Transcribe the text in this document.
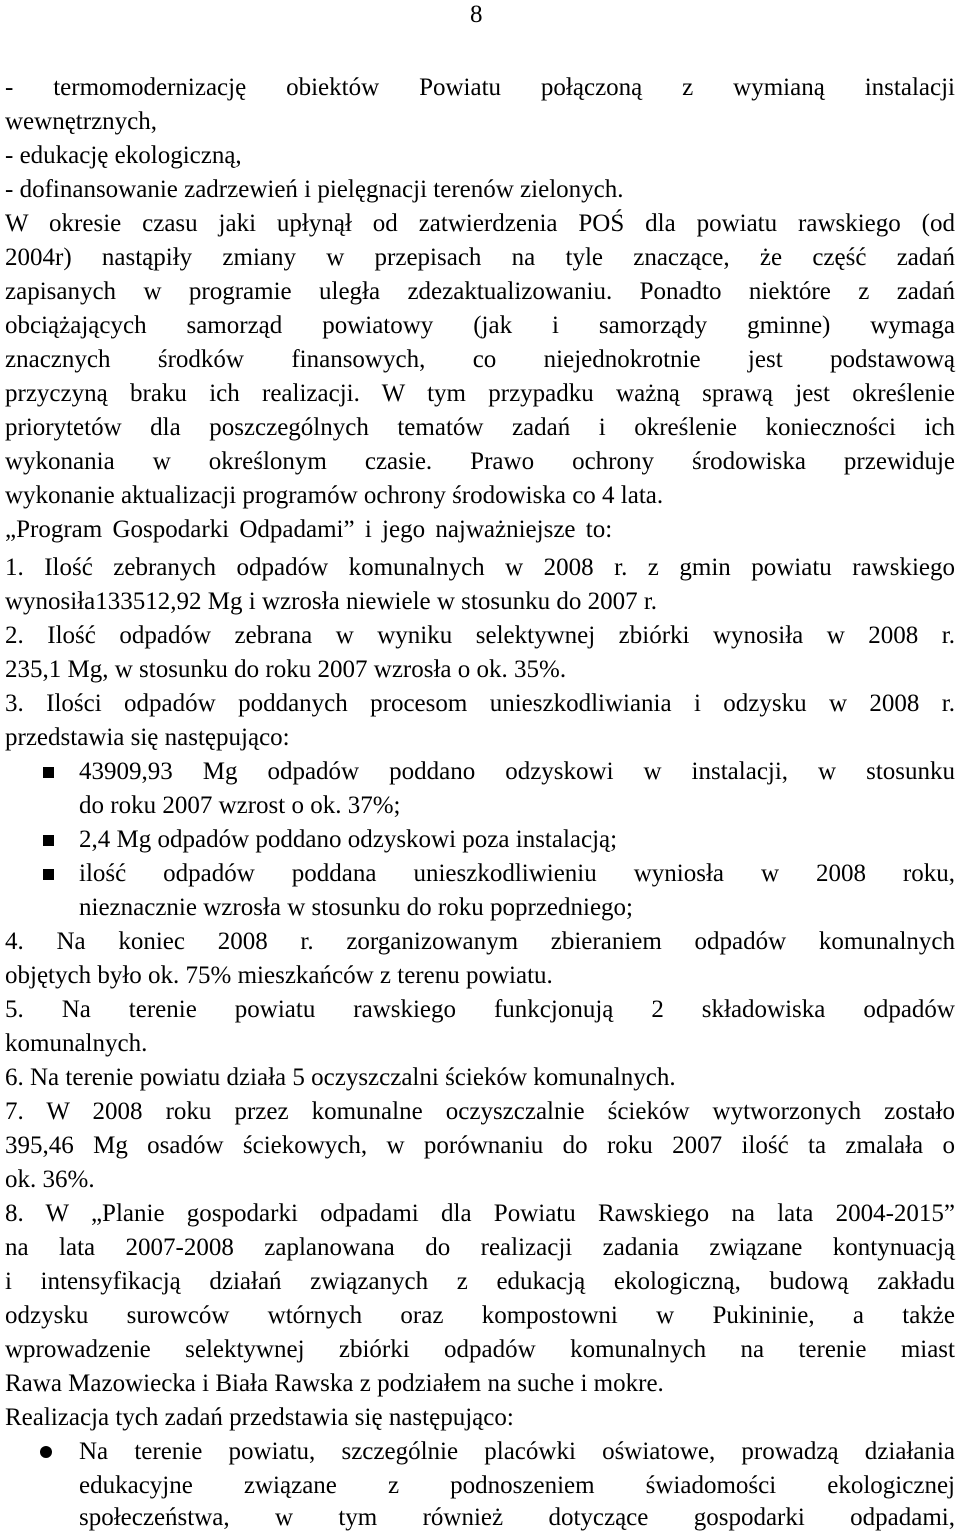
8
- termomodernizację obiektów Powiatu połączoną z wymianą instalacji
wewnętrznych,
- edukację ekologiczną,
- dofinansowanie zadrzewień i pielęgnacji terenów zielonych.
W okresie czasu jaki upłynął od zatwierdzenia POŚ dla powiatu rawskiego (od
2004r) nastąpiły zmiany w przepisach na tyle znaczące, że część zadań
zapisanych w programie uległa zdezaktualizowaniu. Ponadto niektóre z zadań
obciążających samorząd powiatowy (jak i samorządy gminne) wymaga
znacznych środków finansowych, co niejednokrotnie jest podstawową
przyczyną braku ich realizacji. W tym przypadku ważną sprawą jest określenie
priorytetów dla poszczególnych tematów zadań i określenie konieczności ich
wykonania w określonym czasie. Prawo ochrony środowiska przewiduje
wykonanie aktualizacji programów ochrony środowiska co 4 lata.
„Program Gospodarki Odpadami” i jego najważniejsze to:
1. Ilość zebranych odpadów komunalnych w 2008 r. z gmin powiatu rawskiego
wynosiła133512,92 Mg i wzrosła niewiele w stosunku do 2007 r.
2. Ilość odpadów zebrana w wyniku selektywnej zbiórki wynosiła w 2008 r.
235,1 Mg, w stosunku do roku 2007 wzrosła o ok. 35%.
3. Ilości odpadów poddanych procesom unieszkodliwiania i odzysku w 2008 r.
przedstawia się następująco:
43909,93 Mg odpadów poddano odzyskowi w instalacji, w stosunku
do roku 2007 wzrost o ok. 37%;
2,4 Mg odpadów poddano odzyskowi poza instalacją;
ilość odpadów poddana unieszkodliwieniu wyniosła w 2008 roku,
nieznacznie wzrosła w stosunku do roku poprzedniego;
4. Na koniec 2008 r. zorganizowanym zbieraniem odpadów komunalnych
objętych było ok. 75% mieszkańców z terenu powiatu.
5. Na terenie powiatu rawskiego funkcjonują 2 składowiska odpadów
komunalnych.
6. Na terenie powiatu działa 5 oczyszczalni ścieków komunalnych.
7. W 2008 roku przez komunalne oczyszczalnie ścieków wytworzonych zostało
395,46 Mg osadów ściekowych, w porównaniu do roku 2007 ilość ta zmalała o
ok. 36%.
8. W „Planie gospodarki odpadami dla Powiatu Rawskiego na lata 2004-2015”
na lata 2007-2008 zaplanowana do realizacji zadania związane kontynuacją
i intensyfikacją działań związanych z edukacją ekologiczną, budową zakładu
odzysku surowców wtórnych oraz kompostowni w Pukininie, a także
wprowadzenie selektywnej zbiórki odpadów komunalnych na terenie miast
Rawa Mazowiecka i Biała Rawska z podziałem na suche i mokre.
Realizacja tych zadań przedstawia się następująco:
Na terenie powiatu, szczególnie placówki oświatowe, prowadzą działania
edukacyjne związane z podnoszeniem świadomości ekologicznej
społeczeństwa, w tym również dotyczące gospodarki odpadami,
